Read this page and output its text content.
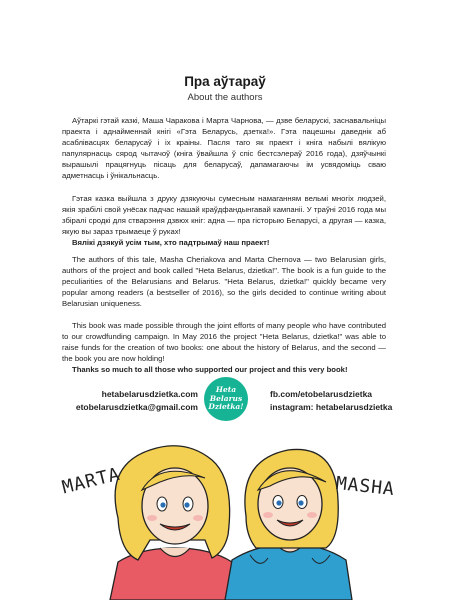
Пра аўтараў
About the authors

Аўтаркі гэтай казкі, Маша Чаракова і Марта Чарнова, — дзве беларускі, заснавальніцы праекта і аднайменнай кнігі «Гэта Беларусь, дзетка!». Гэта пацешны даведнік аб асаблівасцях беларусаў і іх краіны. Пасля таго як праект і кніга набылі вялікую папулярнасць сярод чытачоў (кніга ўвайшла ў спіс бестсэлераў 2016 года), дзяўчынкі вырашылі працягнуць пісаць для беларусаў, дапамагаючы ім усвядоміць сваю адметнасць і ўнікальнасць.

Гэтая казка выйшла з друку дзякуючы сумесным намаганням вельмі многіх людзей, якія зрабілі свой унёсак падчас нашай краўдфандынгавай кампаніі. У траўні 2016 года мы збіралі сродкі для стварэння дзвюх кніг: адна — пра гісторыю Беларусі, а другая — казка, якую вы зараз трымаеце ў руках!
Вялікі дзякуй усім тым, хто падтрымаў наш праект!

The authors of this tale, Masha Cheriakova and Marta Chernova — two Belarusian girls, authors of the project and book called "Heta Belarus, dzietka!". The book is a fun guide to the peculiarities of the Belarusians and Belarus. "Heta Belarus, dzietka!" quickly became very popular among readers (a bestseller of 2016), so the girls decided to continue writing about Belarusian uniqueness.

This book was made possible through the joint efforts of many people who have contributed to our crowdfunding campaign. In May 2016 the project "Heta Belarus, dzietka!" was able to raise funds for the creation of two books: one about the history of Belarus, and the second — the book you are now holding!
Thanks so much to all those who supported our project and this very book!

hetabelarusdzietka.com
etobelarusdzietka@gmail.com
Heta
Belarus
Dzietka!
fb.com/etobelarusdzietka
instagram: hetabelarusdzietka
MARTA	MASHA
